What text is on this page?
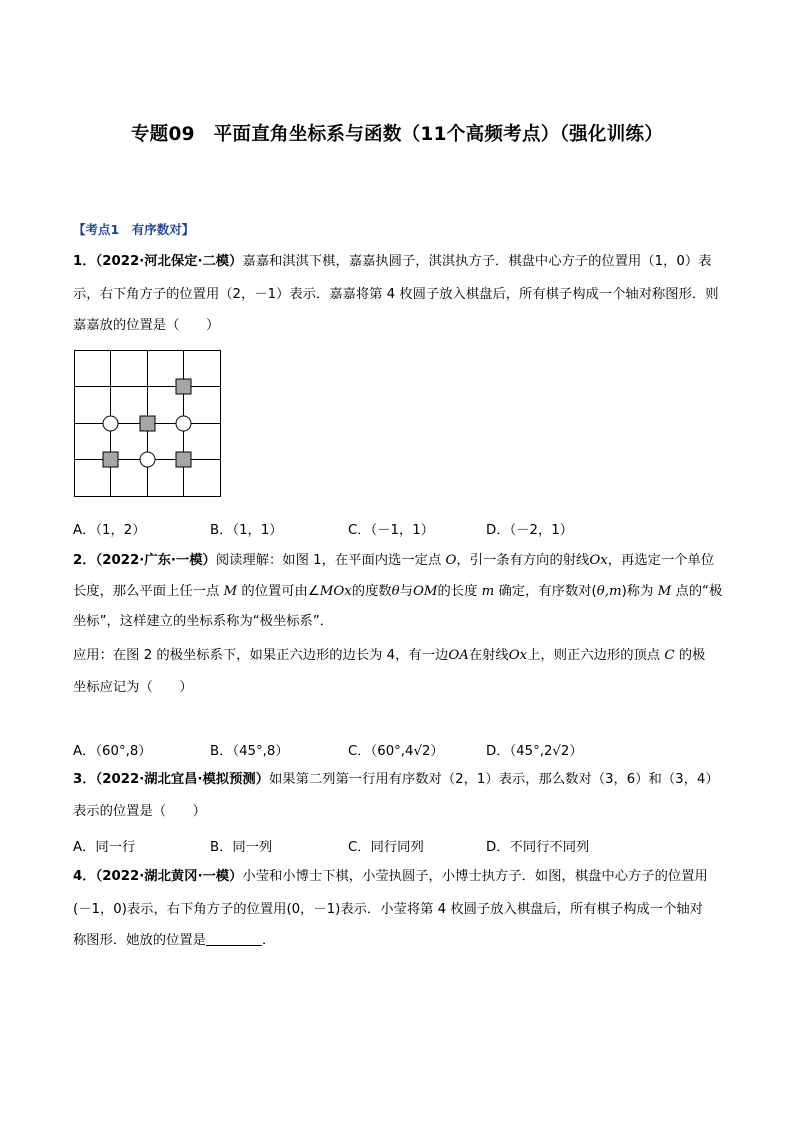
专题09　平面直角坐标系与函数（11个高频考点）（强化训练）
【考点1　有序数对】
1．（2022·河北保定·二模）嘉嘉和淇淇下棋，嘉嘉执圆子，淇淇执方子．棋盘中心方子的位置用（1，0）表
示，右下角方子的位置用（2，－1）表示．嘉嘉将第 4 枚圆子放入棋盘后，所有棋子构成一个轴对称图形．则
嘉嘉放的位置是（　　）
A．（1，2）	B．（1，1）	C．（－1，1）	D．（－2，1）
2．（2022·广东·一模）阅读理解：如图 1，在平面内选一定点 O，引一条有方向的射线Ox，再选定一个单位
长度，那么平面上任一点 M 的位置可由∠MOx的度数θ与OM的长度 m 确定，有序数对(θ,m)称为 M 点的“极
坐标”，这样建立的坐标系称为“极坐标系”．
应用：在图 2 的极坐标系下，如果正六边形的边长为 4，有一边OA在射线Ox上，则正六边形的顶点 C 的极
坐标应记为（　　）
A．（60°,8）	B．（45°,8）	C．（60°,4√2）	D．（45°,2√2）
3．（2022·湖北宜昌·模拟预测）如果第二列第一行用有序数对（2，1）表示，那么数对（3，6）和（3，4）
表示的位置是（　　）
A．同一行	B．同一列	C．同行同列	D．不同行不同列
4．（2022·湖北黄冈·一模）小莹和小博士下棋，小莹执圆子，小博士执方子．如图，棋盘中心方子的位置用
(－1，0)表示，右下角方子的位置用(0，－1)表示．小莹将第 4 枚圆子放入棋盘后，所有棋子构成一个轴对
称图形．她放的位置是	．
